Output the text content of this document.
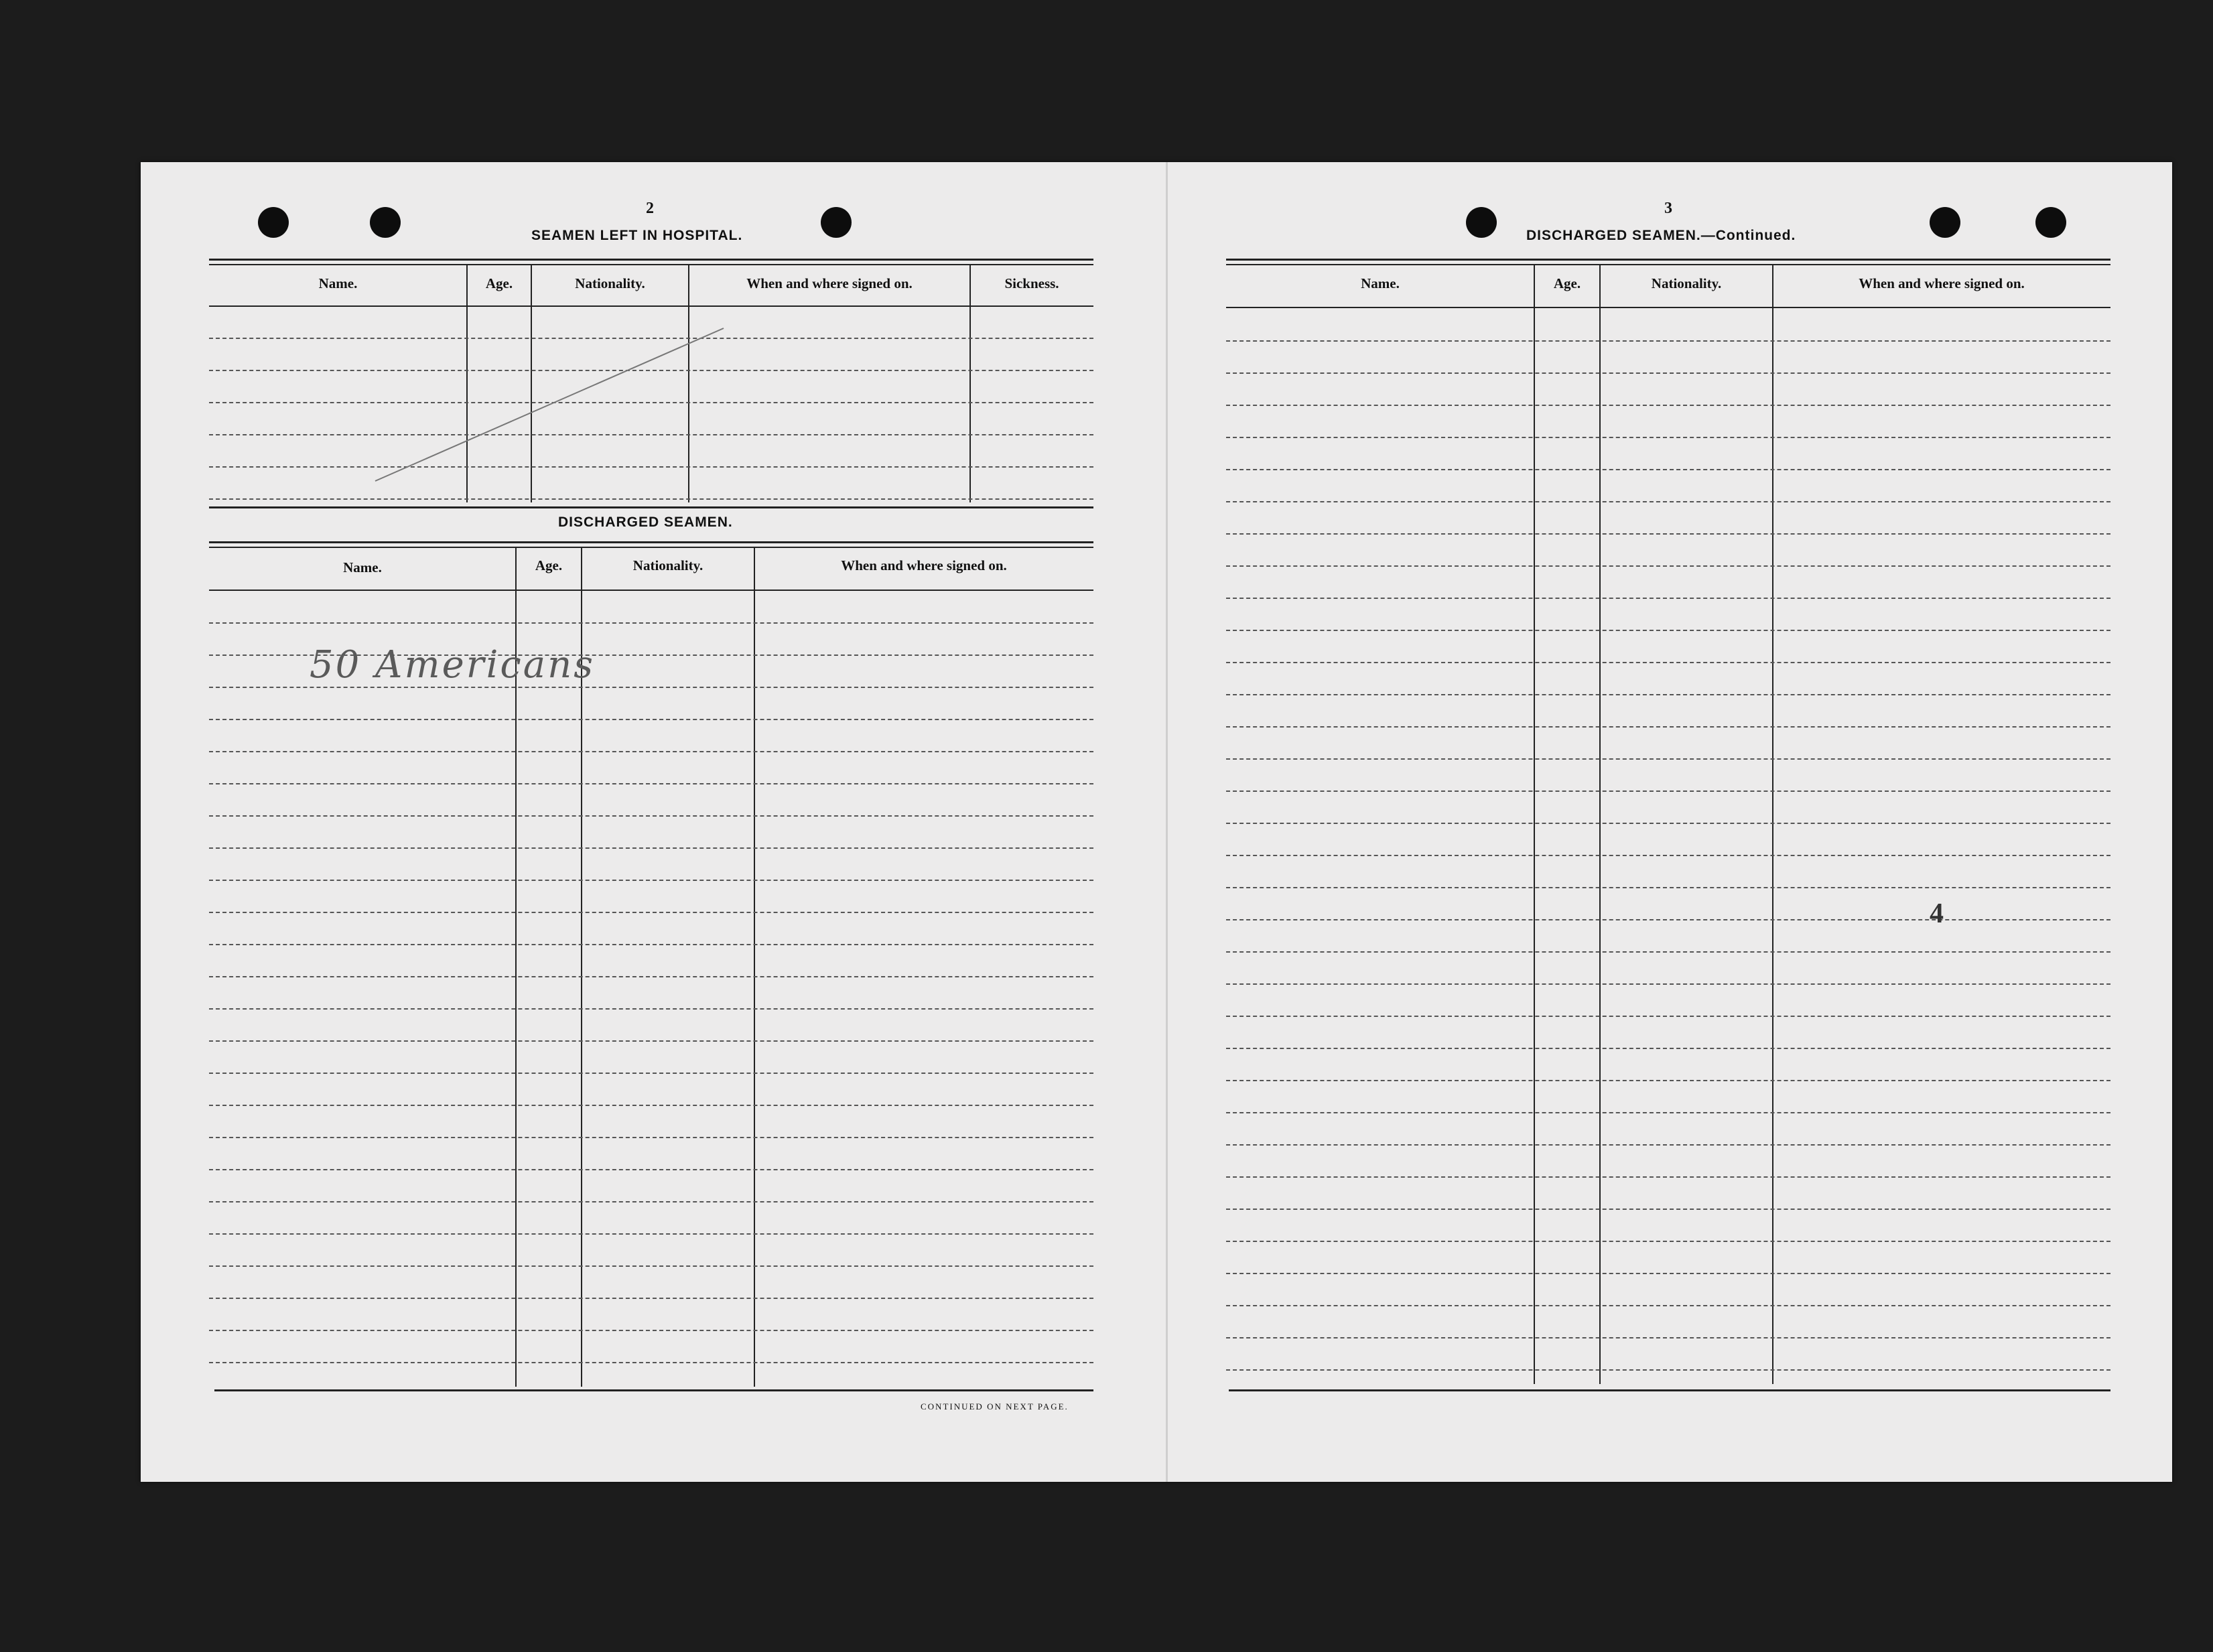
2
SEAMEN LEFT IN HOSPITAL.
Name.	Age.	Nationality.	When and where signed on.	Sickness.
DISCHARGED SEAMEN.
Name.	Age.	Nationality.	When and where signed on.
50 Americans
CONTINUED ON NEXT PAGE.
3
DISCHARGED SEAMEN.—Continued.
Name.	Age.	Nationality.	When and where signed on.
4
